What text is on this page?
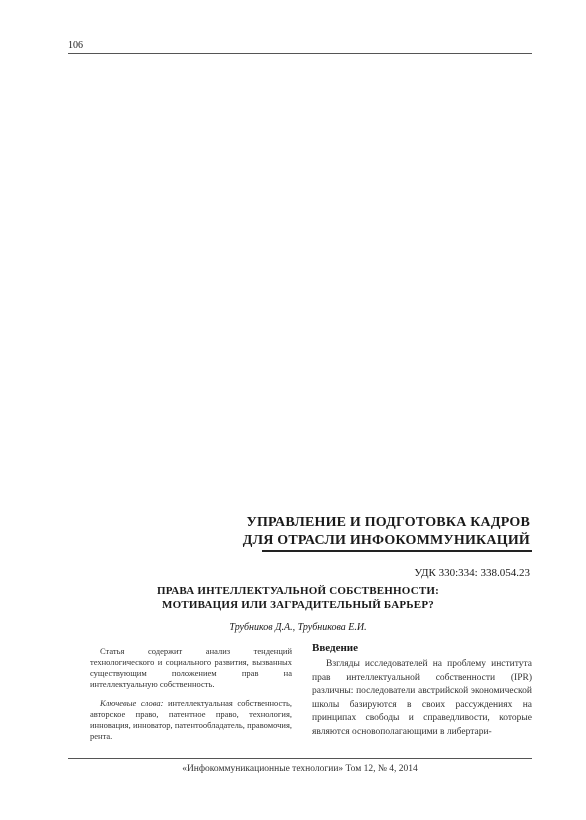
106
УПРАВЛЕНИЕ И ПОДГОТОВКА КАДРОВ
ДЛЯ ОТРАСЛИ ИНФОКОММУНИКАЦИЙ
УДК 330:334: 338.054.23
ПРАВА ИНТЕЛЛЕКТУАЛЬНОЙ СОБСТВЕННОСТИ:
МОТИВАЦИЯ ИЛИ ЗАГРАДИТЕЛЬНЫЙ БАРЬЕР?
Трубников Д.А., Трубникова Е.И.

Статья содержит анализ тенденций технологического и социального развития, вызванных существующим положением прав на интеллектуальную собственность.

Ключевые слова: интеллектуальная собственность, авторское право, патентное право, технология, инновация, инноватор, патентообладатель, правомочия, рента.

Введение

Взгляды исследователей на проблему института прав интеллектуальной собственности (IPR) различны: последователи австрийской экономической школы базируются в своих рассуждениях на принципах свободы и справедливости, которые являются основополагающими в либертари-

«Инфокоммуникационные технологии» Том 12, № 4, 2014
